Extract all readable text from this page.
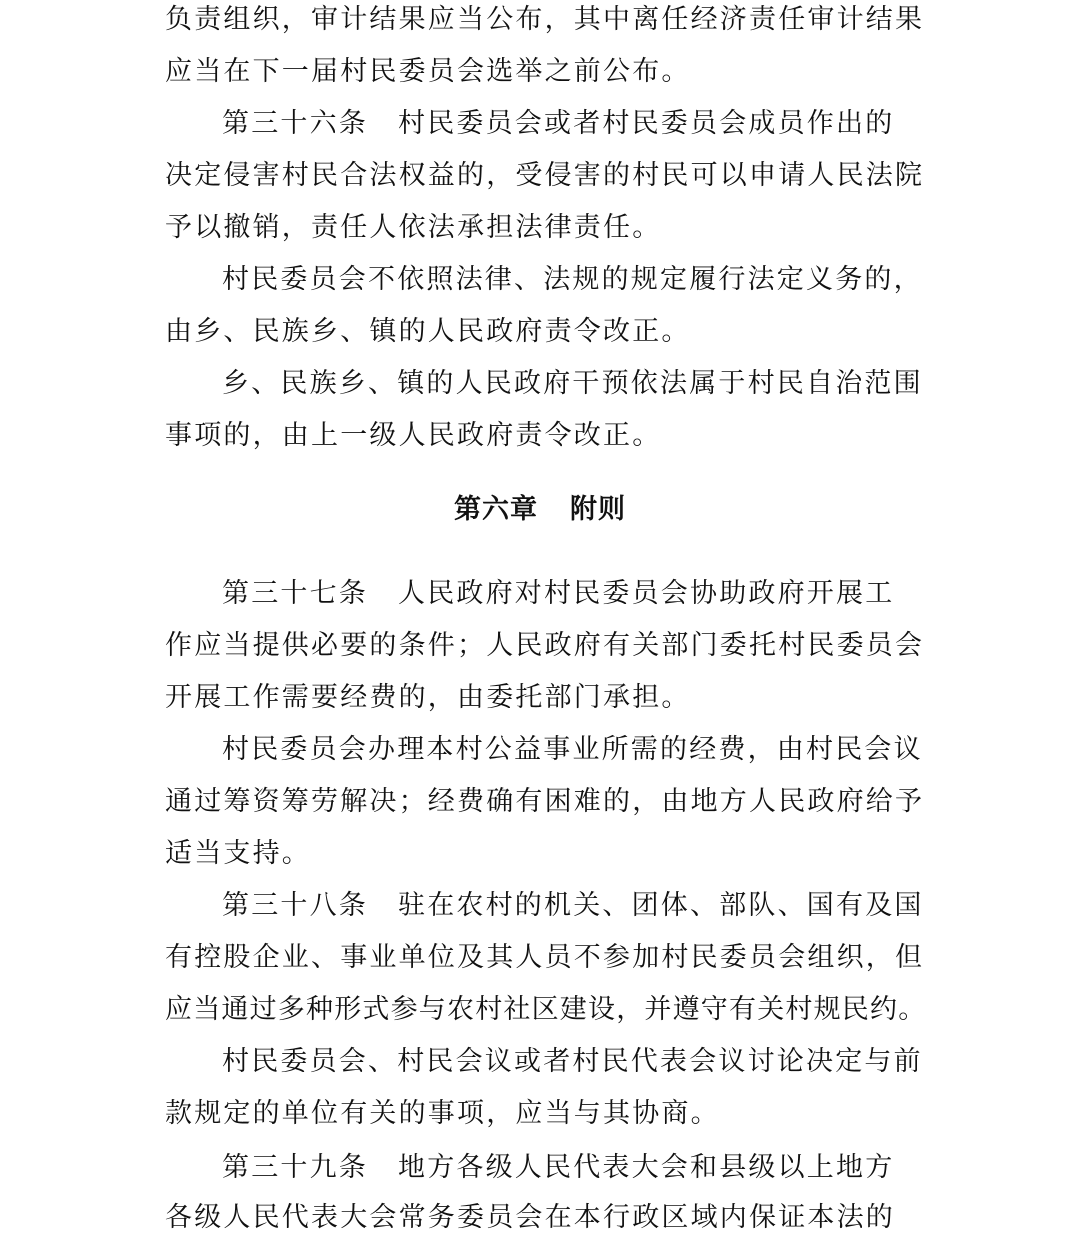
负责组织，审计结果应当公布，其中离任经济责任审计结果
应当在下一届村民委员会选举之前公布。
第三十六条 村民委员会或者村民委员会成员作出的
决定侵害村民合法权益的，受侵害的村民可以申请人民法院
予以撤销，责任人依法承担法律责任。
村民委员会不依照法律、法规的规定履行法定义务的，
由乡、民族乡、镇的人民政府责令改正。
乡、民族乡、镇的人民政府干预依法属于村民自治范围
事项的，由上一级人民政府责令改正。
第六章 附则
第三十七条 人民政府对村民委员会协助政府开展工
作应当提供必要的条件；人民政府有关部门委托村民委员会
开展工作需要经费的，由委托部门承担。
村民委员会办理本村公益事业所需的经费，由村民会议
通过筹资筹劳解决；经费确有困难的，由地方人民政府给予
适当支持。
第三十八条 驻在农村的机关、团体、部队、国有及国
有控股企业、事业单位及其人员不参加村民委员会组织，但
应当通过多种形式参与农村社区建设，并遵守有关村规民约。
村民委员会、村民会议或者村民代表会议讨论决定与前
款规定的单位有关的事项，应当与其协商。
第三十九条 地方各级人民代表大会和县级以上地方
各级人民代表大会常务委员会在本行政区域内保证本法的
